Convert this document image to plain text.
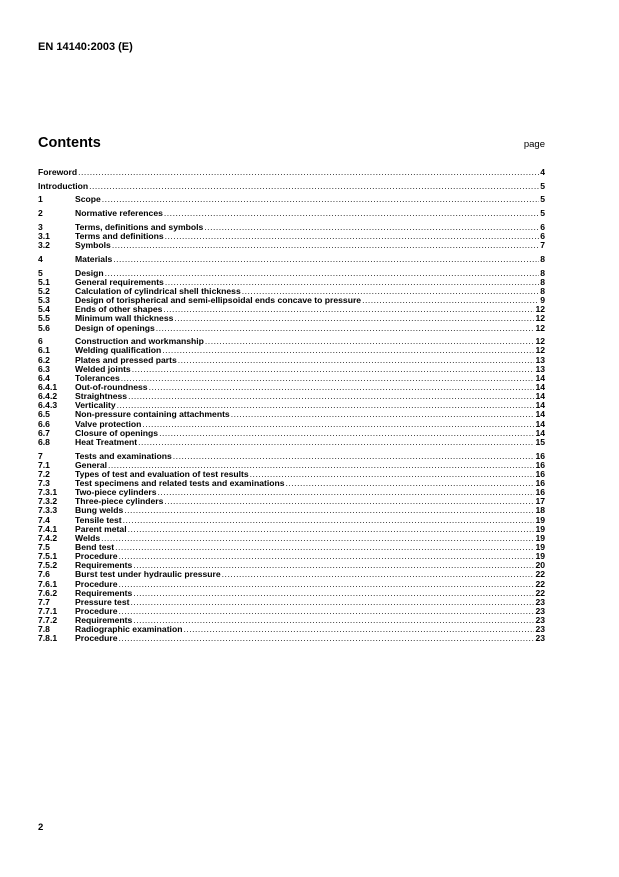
EN 14140:2003 (E)
Contents	page
Foreword .....	4
Introduction .....	5
1	Scope .....	5
2	Normative references .....	5
3	Terms, definitions and symbols .....	6
3.1	Terms and definitions .....	6
3.2	Symbols .....	7
4	Materials .....	8
5	Design .....	8
5.1	General requirements .....	8
5.2	Calculation of cylindrical shell thickness .....	8
5.3	Design of torispherical and semi-ellipsoidal ends concave to pressure .....	9
5.4	Ends of other shapes .....	12
5.5	Minimum wall thickness .....	12
5.6	Design of openings .....	12
6	Construction and workmanship .....	12
6.1	Welding qualification .....	12
6.2	Plates and pressed parts .....	13
6.3	Welded joints .....	13
6.4	Tolerances .....	14
6.4.1	Out-of-roundness .....	14
6.4.2	Straightness .....	14
6.4.3	Verticality .....	14
6.5	Non-pressure containing attachments .....	14
6.6	Valve protection .....	14
6.7	Closure of openings .....	14
6.8	Heat Treatment .....	15
7	Tests and examinations .....	16
7.1	General .....	16
7.2	Types of test and evaluation of test results .....	16
7.3	Test specimens and related tests and examinations .....	16
7.3.1	Two-piece cylinders .....	16
7.3.2	Three-piece cylinders .....	17
7.3.3	Bung welds .....	18
7.4	Tensile test .....	19
7.4.1	Parent metal .....	19
7.4.2	Welds .....	19
7.5	Bend test .....	19
7.5.1	Procedure .....	19
7.5.2	Requirements .....	20
7.6	Burst test under hydraulic pressure .....	22
7.6.1	Procedure .....	22
7.6.2	Requirements .....	22
7.7	Pressure test .....	23
7.7.1	Procedure .....	23
7.7.2	Requirements .....	23
7.8	Radiographic examination .....	23
7.8.1	Procedure .....	23
2
